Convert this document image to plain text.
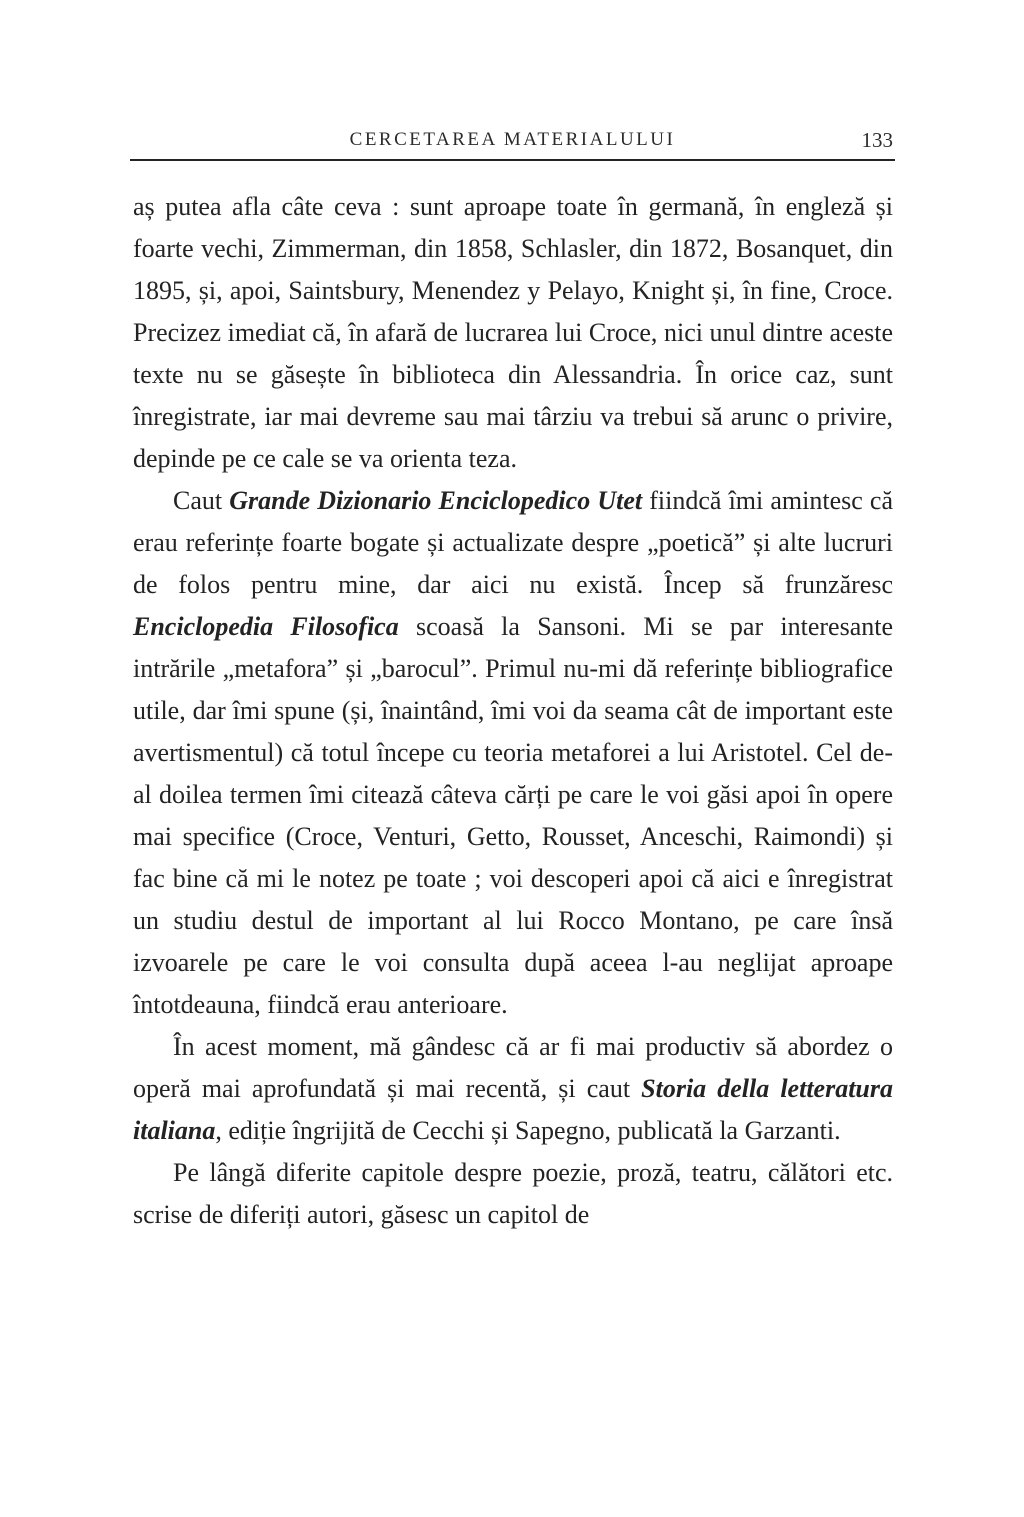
CERCETAREA MATERIALULUI	133

aș putea afla câte ceva : sunt aproape toate în germană, în engleză și foarte vechi, Zimmerman, din 1858, Schlasler, din 1872, Bosanquet, din 1895, și, apoi, Saintsbury, Menendez y Pelayo, Knight și, în fine, Croce. Precizez imediat că, în afară de lucrarea lui Croce, nici unul dintre aceste texte nu se găsește în biblioteca din Alessandria. În orice caz, sunt înregistrate, iar mai devreme sau mai târziu va trebui să arunc o privire, depinde pe ce cale se va orienta teza.

Caut Grande Dizionario Enciclopedico Utet fiindcă îmi amintesc că erau referințe foarte bogate și actualizate despre „poetică” și alte lucruri de folos pentru mine, dar aici nu există. Încep să frunzăresc Enciclopedia Filosofica scoasă la Sansoni. Mi se par interesante intrările „metafora” și „barocul”. Primul nu-mi dă referințe bibliografice utile, dar îmi spune (și, înaintând, îmi voi da seama cât de important este avertismentul) că totul începe cu teoria metaforei a lui Aristotel. Cel de-al doilea termen îmi citează câteva cărți pe care le voi găsi apoi în opere mai specifice (Croce, Venturi, Getto, Rousset, Anceschi, Raimondi) și fac bine că mi le notez pe toate ; voi descoperi apoi că aici e înregistrat un studiu destul de important al lui Rocco Montano, pe care însă izvoarele pe care le voi consulta după aceea l-au neglijat aproape întotdeauna, fiindcă erau anterioare.

În acest moment, mă gândesc că ar fi mai productiv să abordez o operă mai aprofundată și mai recentă, și caut Storia della letteratura italiana, ediție îngrijită de Cecchi și Sapegno, publicată la Garzanti.

Pe lângă diferite capitole despre poezie, proză, teatru, călători etc. scrise de diferiți autori, găsesc un capitol de
